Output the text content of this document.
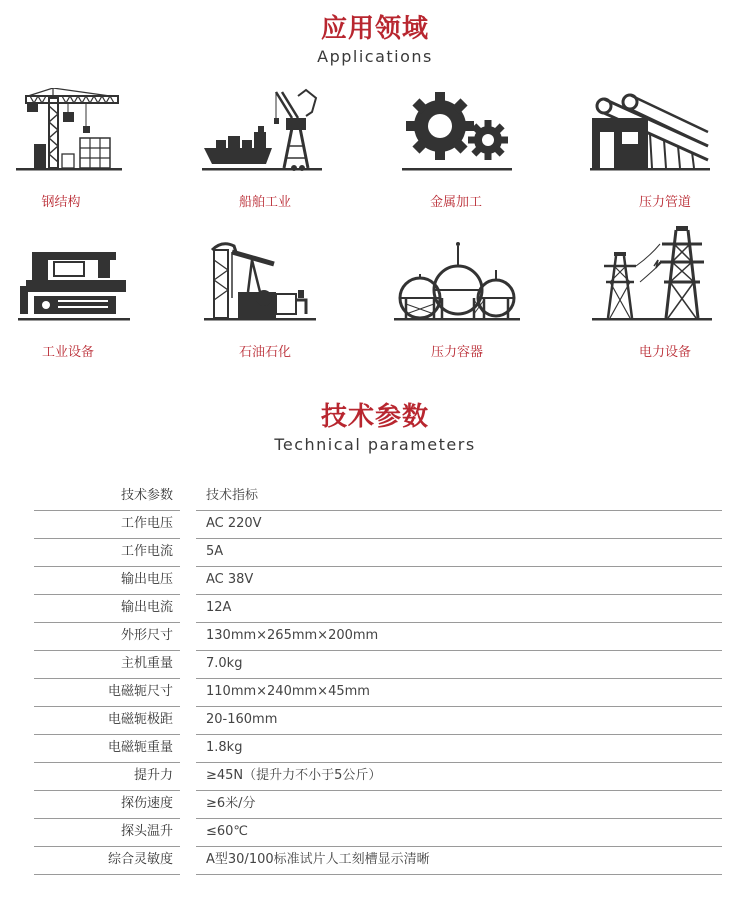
应用领域
Applications
钢结构	船舶工业	金属加工	压力管道
工业设备	石油石化	压力容器	电力设备
技术参数
Technical parameters
技术参数	技术指标
工作电压	AC 220V
工作电流	5A
输出电压	AC 38V
输出电流	12A
外形尺寸	130mm×265mm×200mm
主机重量	7.0kg
电磁轭尺寸	110mm×240mm×45mm
电磁轭极距	20-160mm
电磁轭重量	1.8kg
提升力	≥45N（提升力不小于5公斤）
探伤速度	≥6米/分
探头温升	≤60℃
综合灵敏度	A型30/100标准试片人工刻槽显示清晰
